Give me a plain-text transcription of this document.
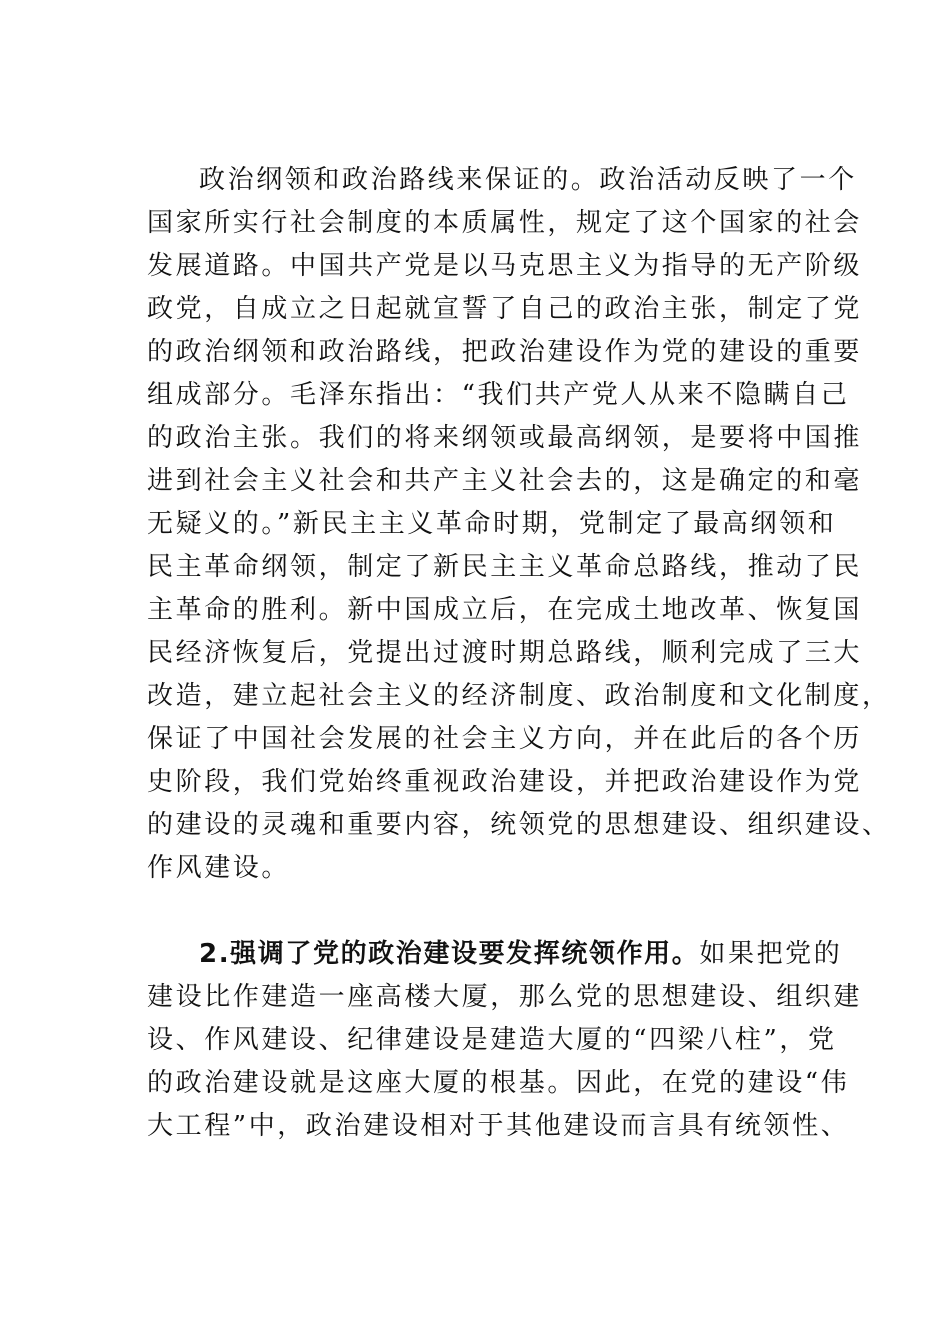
政治纲领和政治路线来保证的。政治活动反映了一个
国家所实行社会制度的本质属性，规定了这个国家的社会
发展道路。中国共产党是以马克思主义为指导的无产阶级
政党，自成立之日起就宣誓了自己的政治主张，制定了党
的政治纲领和政治路线，把政治建设作为党的建设的重要
组成部分。毛泽东指出：“我们共产党人从来不隐瞒自己
的政治主张。我们的将来纲领或最高纲领，是要将中国推
进到社会主义社会和共产主义社会去的，这是确定的和毫
无疑义的。”新民主主义革命时期，党制定了最高纲领和
民主革命纲领，制定了新民主主义革命总路线，推动了民
主革命的胜利。新中国成立后，在完成土地改革、恢复国
民经济恢复后，党提出过渡时期总路线，顺利完成了三大
改造，建立起社会主义的经济制度、政治制度和文化制度，
保证了中国社会发展的社会主义方向，并在此后的各个历
史阶段，我们党始终重视政治建设，并把政治建设作为党
的建设的灵魂和重要内容，统领党的思想建设、组织建设、
作风建设。
2.强调了党的政治建设要发挥统领作用。如果把党的
建设比作建造一座高楼大厦，那么党的思想建设、组织建
设、作风建设、纪律建设是建造大厦的“四梁八柱”，党
的政治建设就是这座大厦的根基。因此，在党的建设“伟
大工程”中，政治建设相对于其他建设而言具有统领性、
